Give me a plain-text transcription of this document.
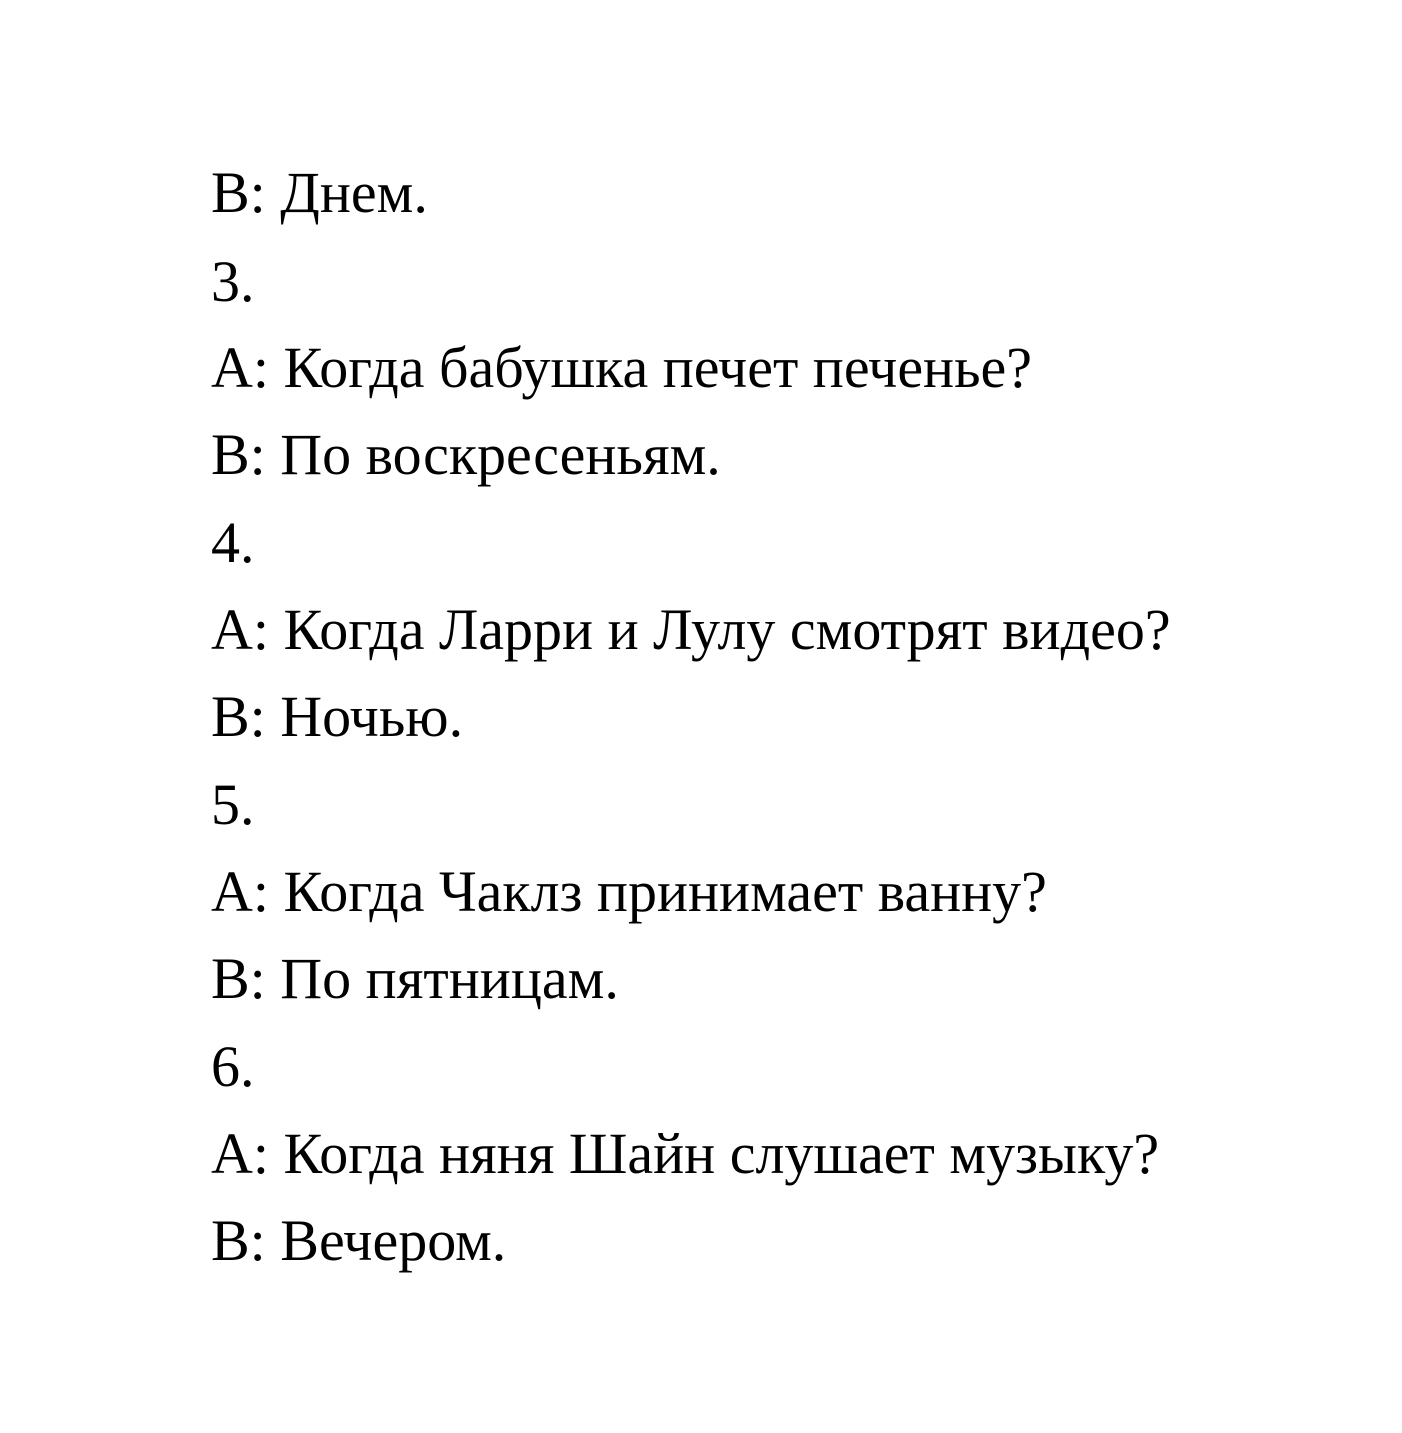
B: Днем.
3.
A: Когда бабушка печет печенье?
B: По воскресеньям.
4.
A: Когда Ларри и Лулу смотрят видео?
B: Ночью.
5.
A: Когда Чаклз принимает ванну?
B: По пятницам.
6.
A: Когда няня Шайн слушает музыку?
B: Вечером.
